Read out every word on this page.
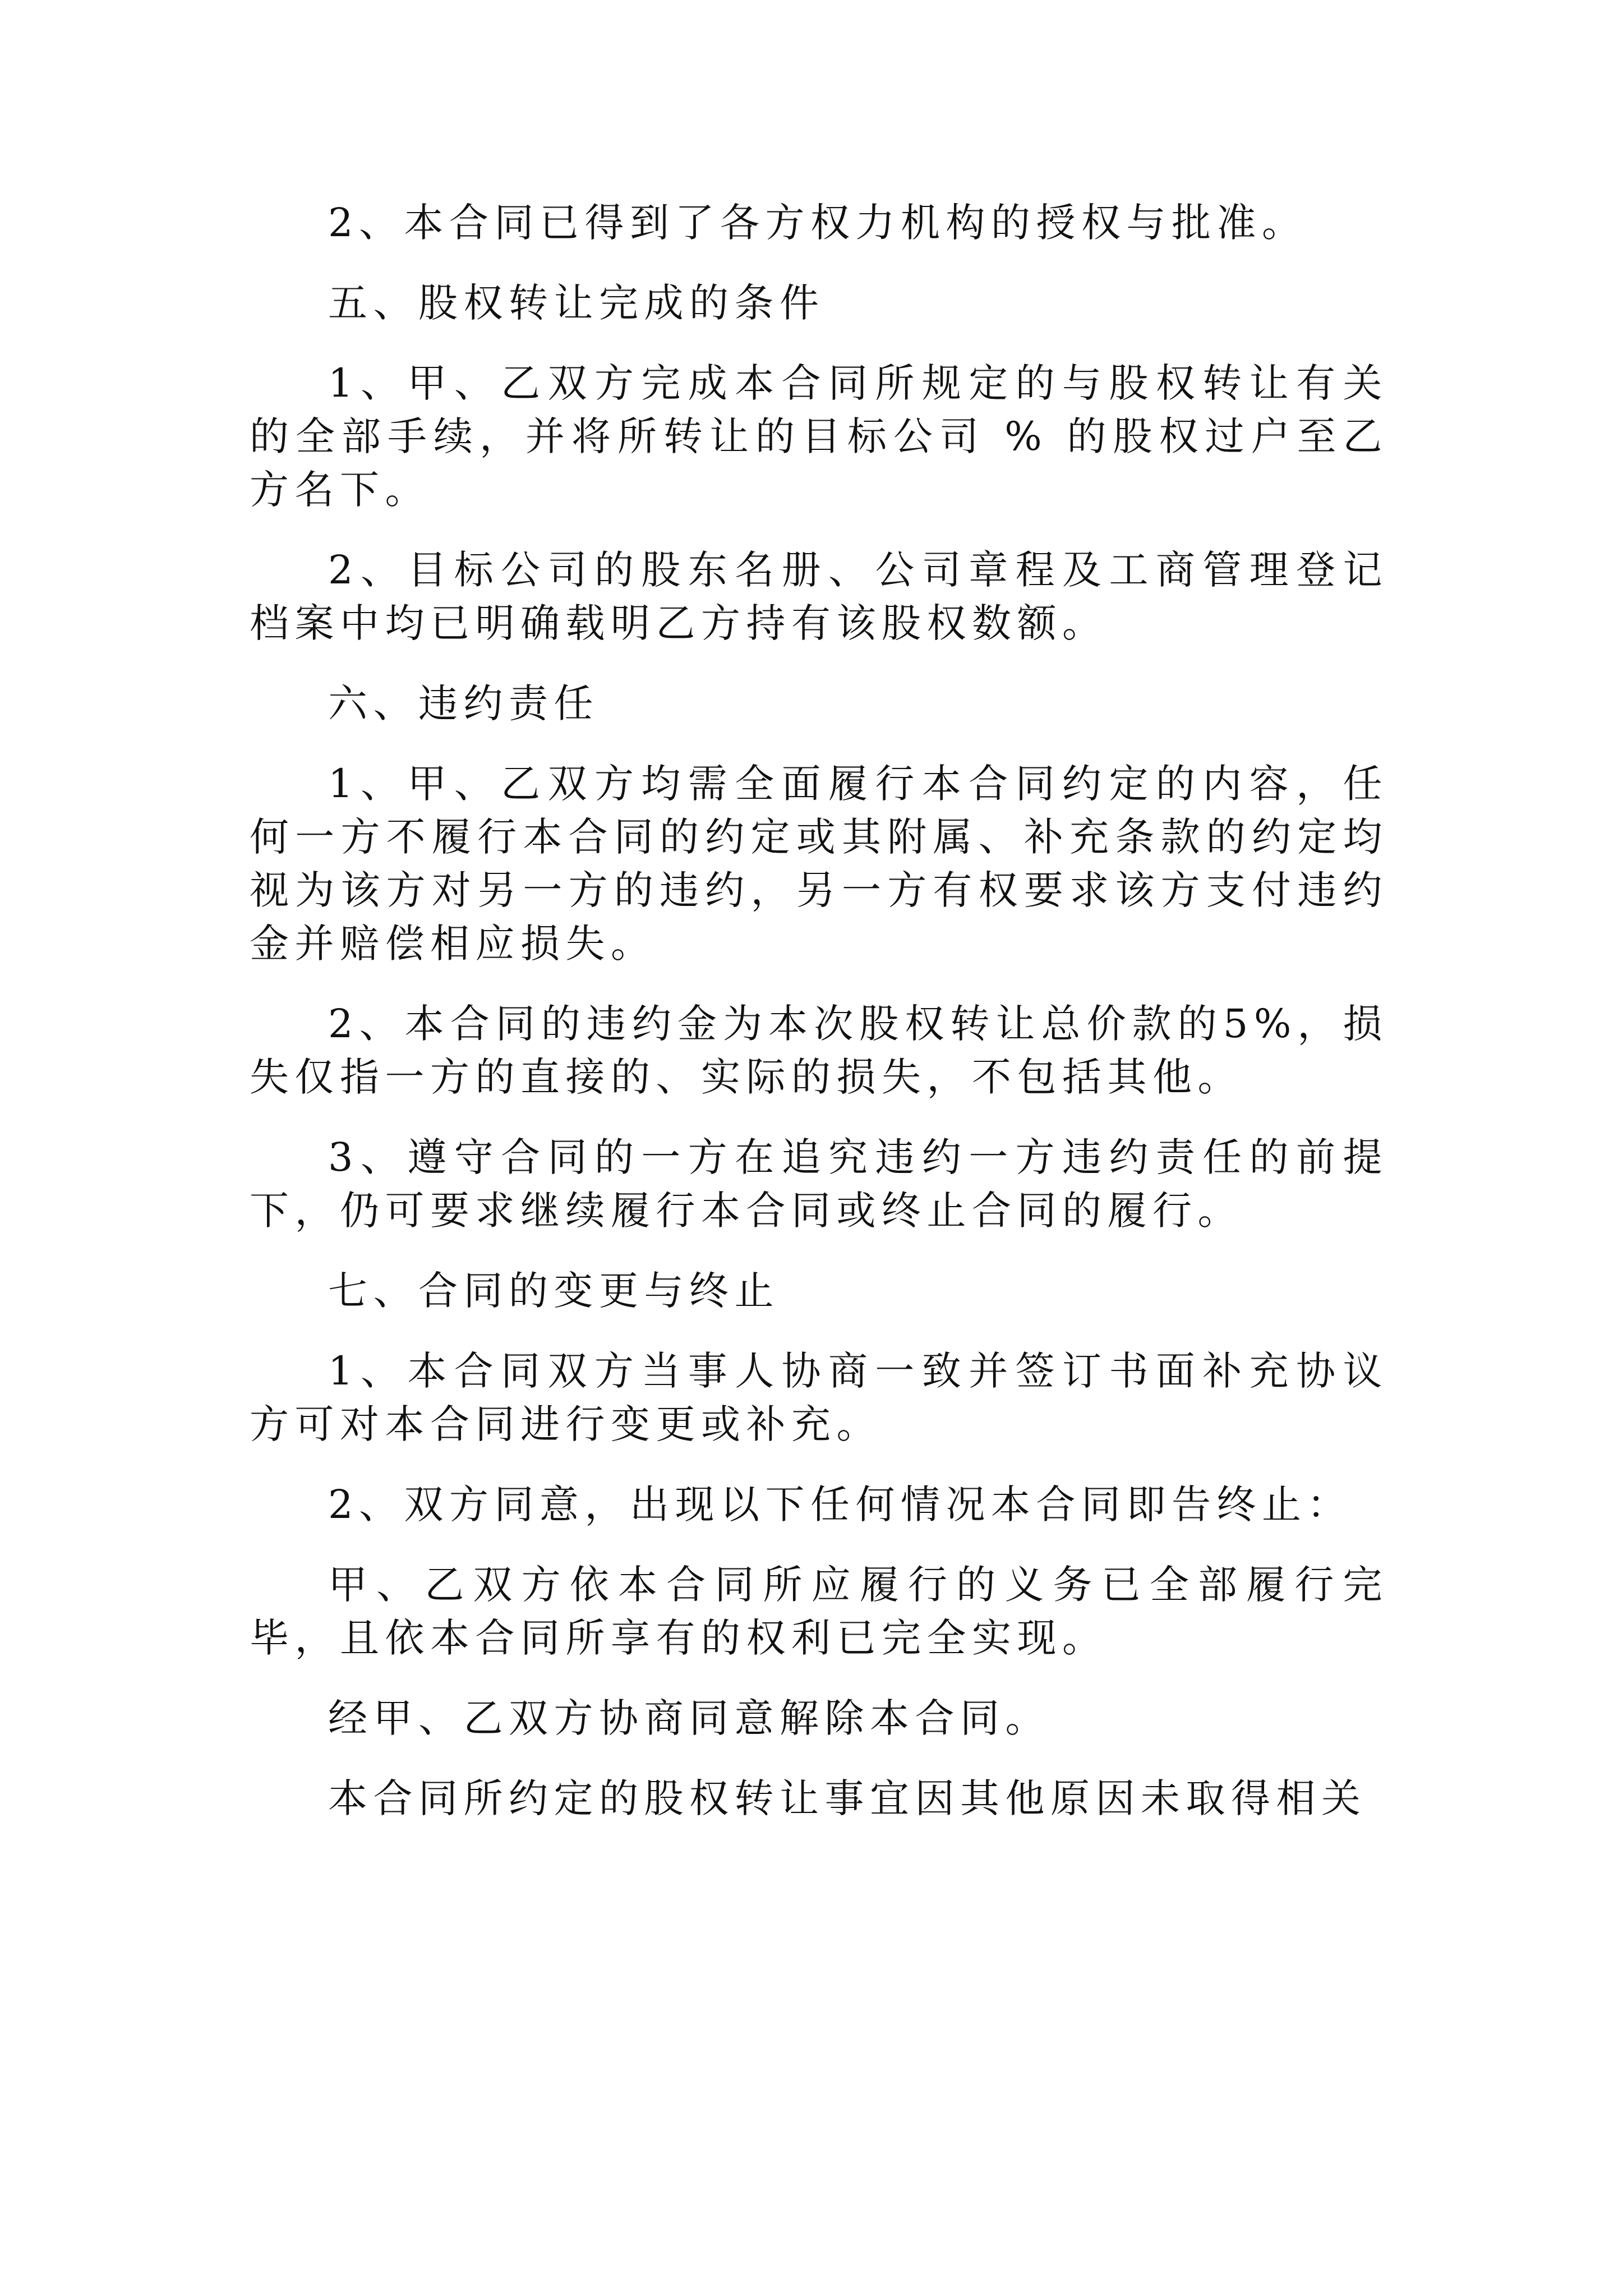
2、本合同已得到了各方权力机构的授权与批准。

五、股权转让完成的条件

1、甲、乙双方完成本合同所规定的与股权转让有关的全部手续，并将所转让的目标公司 % 的股权过户至乙方名下。

2、目标公司的股东名册、公司章程及工商管理登记档案中均已明确载明乙方持有该股权数额。

六、违约责任

1、甲、乙双方均需全面履行本合同约定的内容，任何一方不履行本合同的约定或其附属、补充条款的约定均视为该方对另一方的违约，另一方有权要求该方支付违约金并赔偿相应损失。

2、本合同的违约金为本次股权转让总价款的5%，损失仅指一方的直接的、实际的损失，不包括其他。

3、遵守合同的一方在追究违约一方违约责任的前提下，仍可要求继续履行本合同或终止合同的履行。

七、合同的变更与终止

1、本合同双方当事人协商一致并签订书面补充协议方可对本合同进行变更或补充。

2、双方同意，出现以下任何情况本合同即告终止：

甲、乙双方依本合同所应履行的义务已全部履行完毕，且依本合同所享有的权利已完全实现。

经甲、乙双方协商同意解除本合同。

本合同所约定的股权转让事宜因其他原因未取得相关
